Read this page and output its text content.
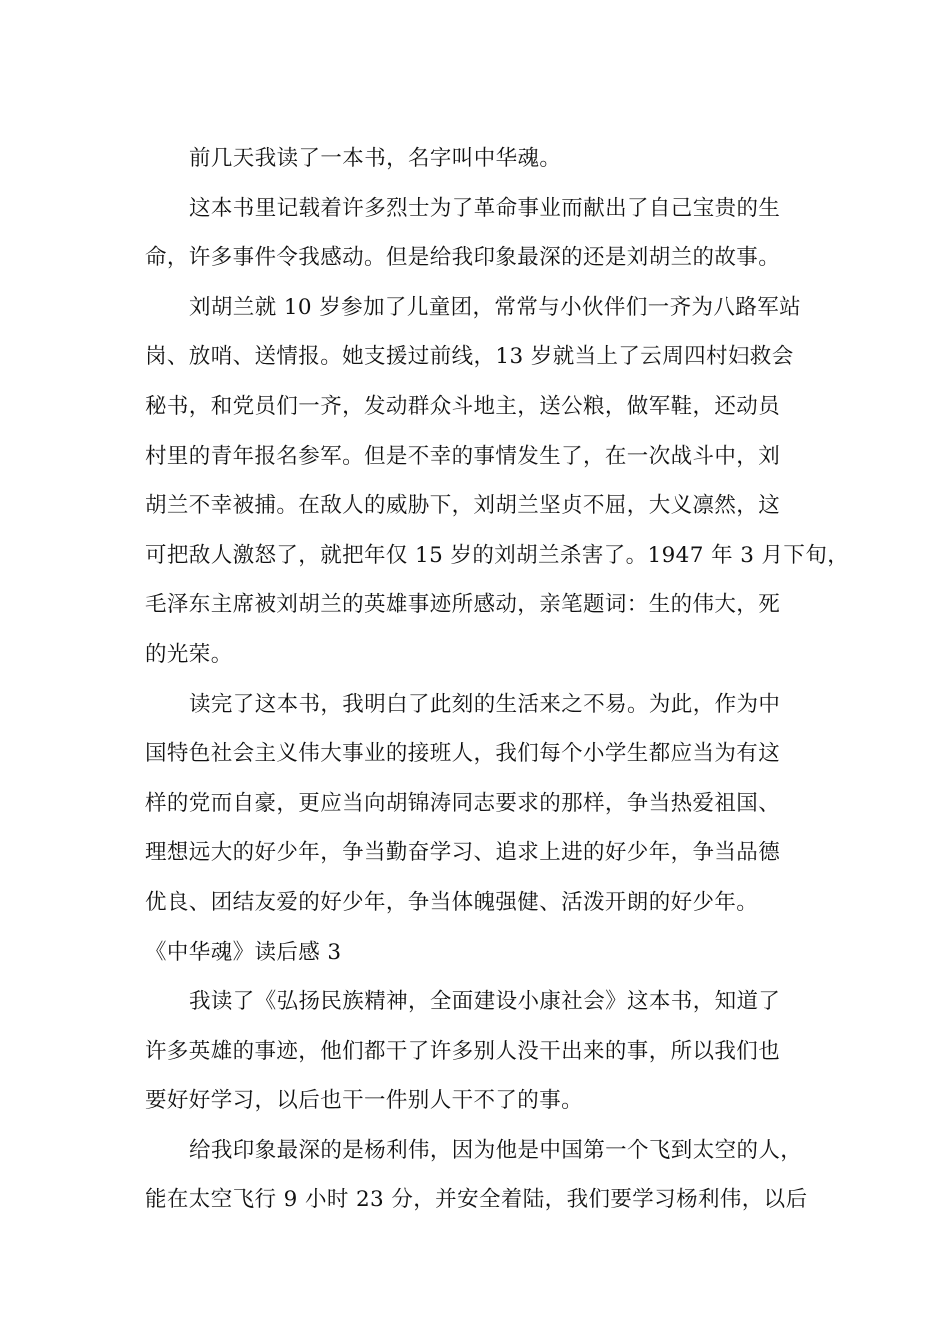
前几天我读了一本书，名字叫中华魂。
这本书里记载着许多烈士为了革命事业而献出了自己宝贵的生
命，许多事件令我感动。但是给我印象最深的还是刘胡兰的故事。
刘胡兰就 10 岁参加了儿童团，常常与小伙伴们一齐为八路军站
岗、放哨、送情报。她支援过前线，13 岁就当上了云周四村妇救会
秘书，和党员们一齐，发动群众斗地主，送公粮，做军鞋，还动员
村里的青年报名参军。但是不幸的事情发生了，在一次战斗中，刘
胡兰不幸被捕。在敌人的威胁下，刘胡兰坚贞不屈，大义凛然，这
可把敌人激怒了，就把年仅 15 岁的刘胡兰杀害了。1947 年 3 月下旬，
毛泽东主席被刘胡兰的英雄事迹所感动，亲笔题词：生的伟大，死
的光荣。
读完了这本书，我明白了此刻的生活来之不易。为此，作为中
国特色社会主义伟大事业的接班人，我们每个小学生都应当为有这
样的党而自豪，更应当向胡锦涛同志要求的那样，争当热爱祖国、
理想远大的好少年，争当勤奋学习、追求上进的好少年，争当品德
优良、团结友爱的好少年，争当体魄强健、活泼开朗的好少年。
《中华魂》读后感 3
我读了《弘扬民族精神，全面建设小康社会》这本书，知道了
许多英雄的事迹，他们都干了许多别人没干出来的事，所以我们也
要好好学习，以后也干一件别人干不了的事。
给我印象最深的是杨利伟，因为他是中国第一个飞到太空的人，
能在太空飞行 9 小时 23 分，并安全着陆，我们要学习杨利伟，以后
